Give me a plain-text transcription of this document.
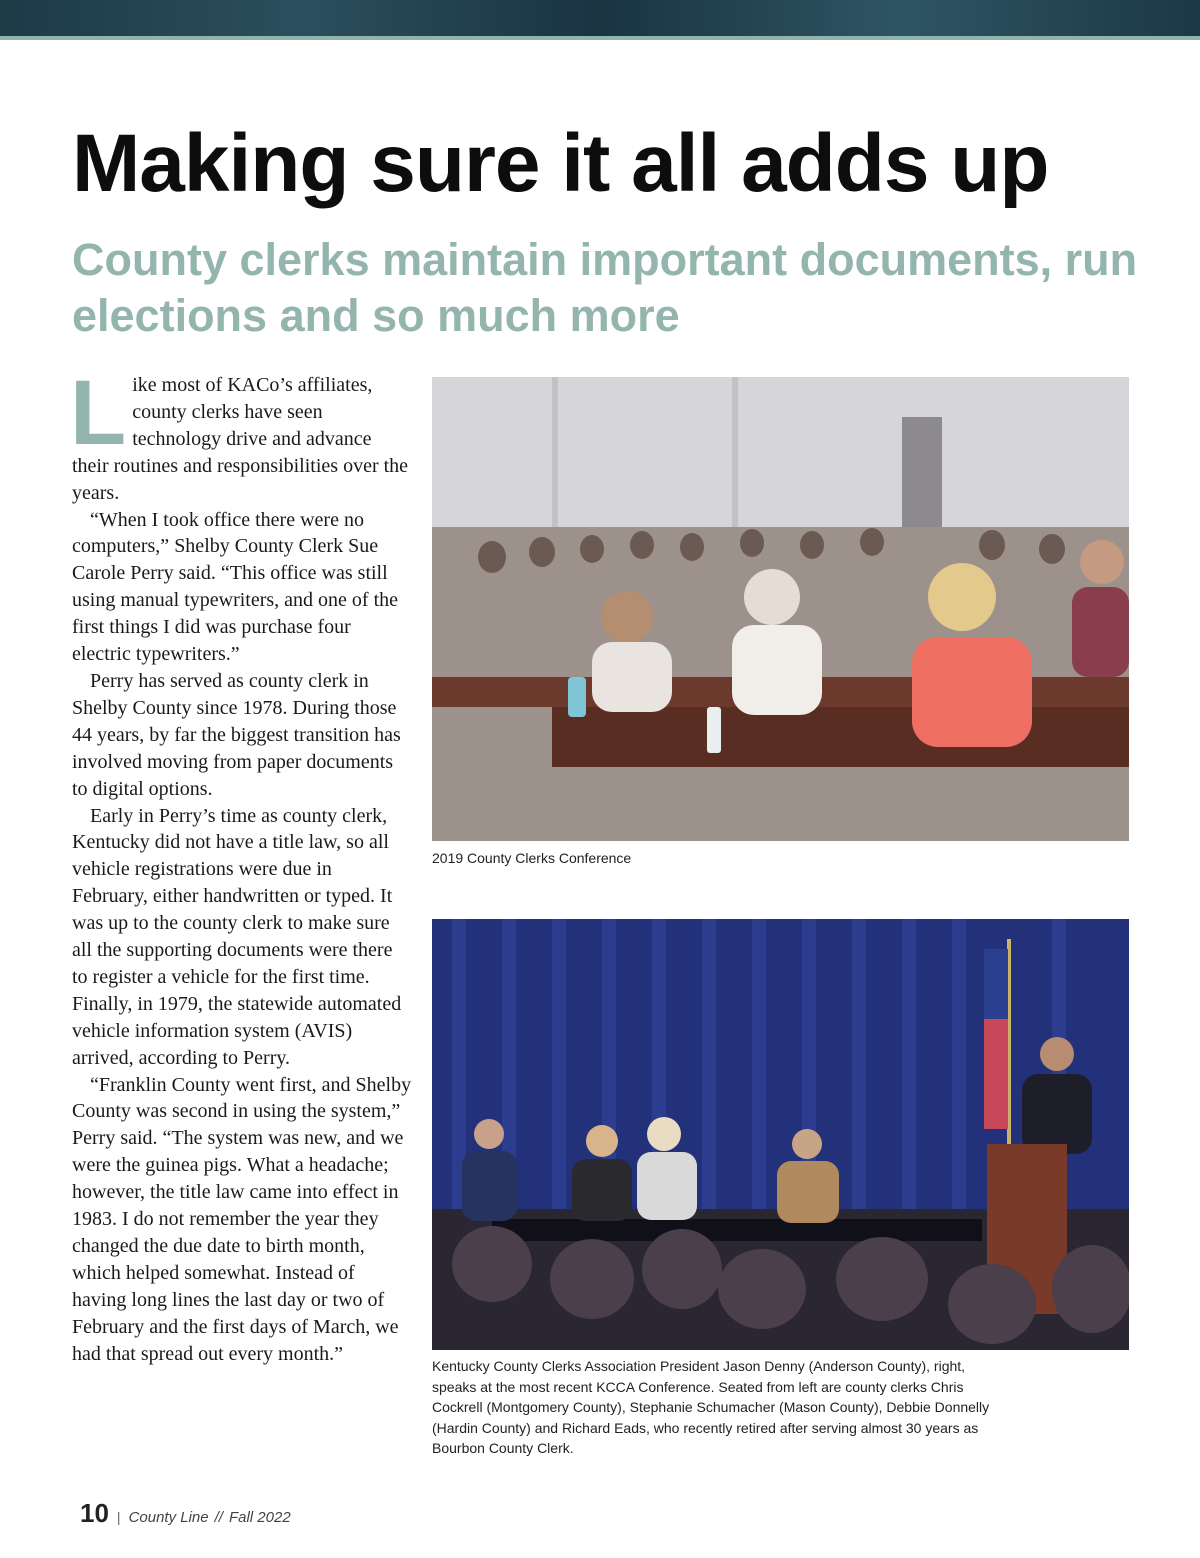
Making sure it all adds up
County clerks maintain important documents, run elections and so much more

Like most of KACo’s affiliates, county clerks have seen technology drive and advance their routines and responsibilities over the years.

“When I took office there were no computers,” Shelby County Clerk Sue Carole Perry said. “This office was still using manual typewriters, and one of the first things I did was purchase four electric typewriters.”

Perry has served as county clerk in Shelby County since 1978. During those 44 years, by far the biggest transition has involved moving from paper documents to digital options.

Early in Perry’s time as county clerk, Kentucky did not have a title law, so all vehicle registrations were due in February, either handwritten or typed. It was up to the county clerk to make sure all the supporting documents were there to register a vehicle for the first time. Finally, in 1979, the statewide automated vehicle information system (AVIS) arrived, according to Perry.

“Franklin County went first, and Shelby County was second in using the system,” Perry said. “The system was new, and we were the guinea pigs. What a headache; however, the title law came into effect in 1983. I do not remember the year they changed the due date to birth month, which helped somewhat. Instead of having long lines the last day or two of February and the first days of March, we had that spread out every month.”

2019 County Clerks Conference
Kentucky County Clerks Association President Jason Denny (Anderson County), right, speaks at the most recent KCCA Conference. Seated from left are county clerks Chris Cockrell (Montgomery County), Stephanie Schumacher (Mason County), Debbie Donnelly (Hardin County) and Richard Eads, who recently retired after serving almost 30 years as Bourbon County Clerk.
10 | County Line // Fall 2022
